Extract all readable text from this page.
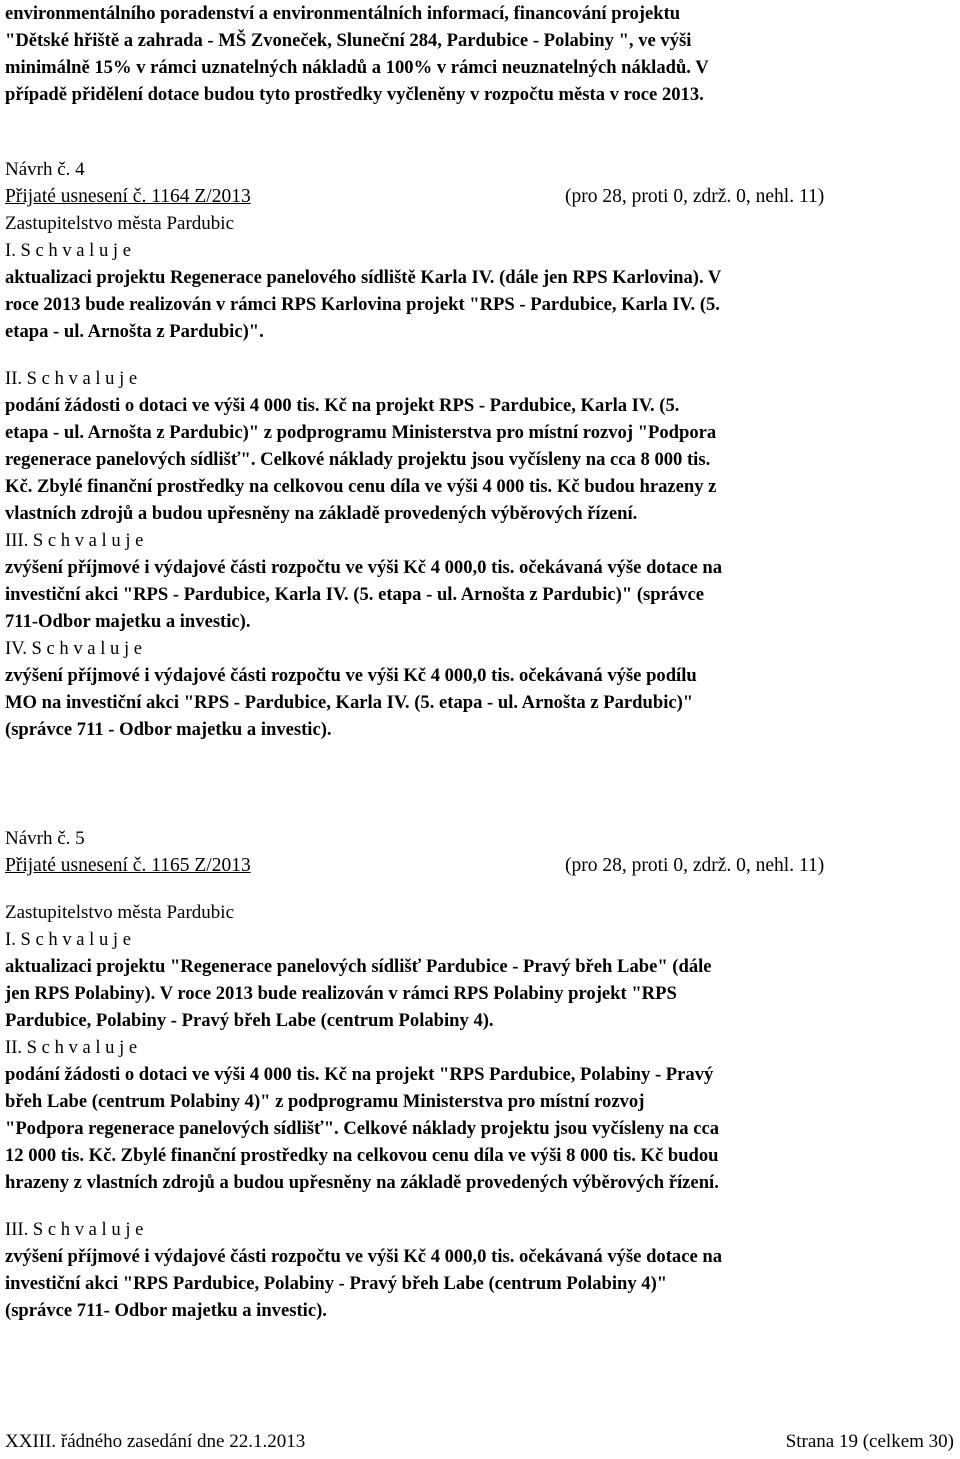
environmentálního poradenství a environmentálních informací, financování projektu

"Dětské hřiště a zahrada - MŠ Zvoneček, Sluneční 284, Pardubice - Polabiny ", ve výši

minimálně 15% v rámci uznatelných nákladů a 100% v rámci neuznatelných nákladů. V

případě přidělení dotace budou tyto prostředky vyčleněny v rozpočtu města v roce 2013.

Návrh č. 4

Přijaté usnesení č. 1164 Z/2013	(pro 28, proti 0, zdrž. 0, nehl. 11)

Zastupitelstvo města Pardubic

I. S c h v a l u j e

aktualizaci projektu Regenerace panelového sídliště Karla IV. (dále jen RPS Karlovina). V

roce 2013 bude realizován v rámci RPS Karlovina projekt "RPS - Pardubice, Karla IV. (5.

etapa - ul. Arnošta z Pardubic)".

II. S c h v a l u j e

podání žádosti o dotaci ve výši 4 000 tis. Kč na projekt RPS - Pardubice, Karla IV. (5.

etapa - ul. Arnošta z Pardubic)" z podprogramu Ministerstva pro místní rozvoj "Podpora

regenerace panelových sídlišť". Celkové náklady projektu jsou vyčísleny na cca 8 000 tis.

Kč. Zbylé finanční prostředky na celkovou cenu díla ve výši 4 000 tis. Kč budou hrazeny z

vlastních zdrojů a budou upřesněny na základě provedených výběrových řízení.

III. S c h v a l u j e

zvýšení příjmové i výdajové části rozpočtu ve výši Kč 4 000,0 tis. očekávaná výše dotace na

investiční akci "RPS - Pardubice, Karla IV. (5. etapa - ul. Arnošta z Pardubic)" (správce

711-Odbor majetku a investic).

IV. S c h v a l u j e

zvýšení příjmové i výdajové části rozpočtu ve výši Kč 4 000,0 tis. očekávaná výše podílu

MO na investiční akci "RPS - Pardubice, Karla IV. (5. etapa - ul. Arnošta z Pardubic)"

(správce 711 - Odbor majetku a investic).

Návrh č. 5

Přijaté usnesení č. 1165 Z/2013	(pro 28, proti 0, zdrž. 0, nehl. 11)

Zastupitelstvo města Pardubic

I. S c h v a l u j e

aktualizaci projektu "Regenerace panelových sídlišť Pardubice - Pravý břeh Labe" (dále

jen RPS Polabiny). V roce 2013 bude realizován v rámci RPS Polabiny projekt "RPS

Pardubice, Polabiny - Pravý břeh Labe (centrum Polabiny 4).

II. S c h v a l u j e

podání žádosti o dotaci ve výši 4 000 tis. Kč na projekt "RPS Pardubice, Polabiny - Pravý

břeh Labe (centrum Polabiny 4)" z podprogramu Ministerstva pro místní rozvoj

"Podpora regenerace panelových sídlišť". Celkové náklady projektu jsou vyčísleny na cca

12 000 tis. Kč. Zbylé finanční prostředky na celkovou cenu díla ve výši 8 000 tis. Kč budou

hrazeny z vlastních zdrojů a budou upřesněny na základě provedených výběrových řízení.

III. S c h v a l u j e

zvýšení příjmové i výdajové části rozpočtu ve výši Kč 4 000,0 tis. očekávaná výše dotace na

investiční akci "RPS Pardubice, Polabiny - Pravý břeh Labe (centrum Polabiny 4)"

(správce 711- Odbor majetku a investic).

XXIII. řádného zasedání dne 22.1.2013	Strana 19 (celkem 30)
